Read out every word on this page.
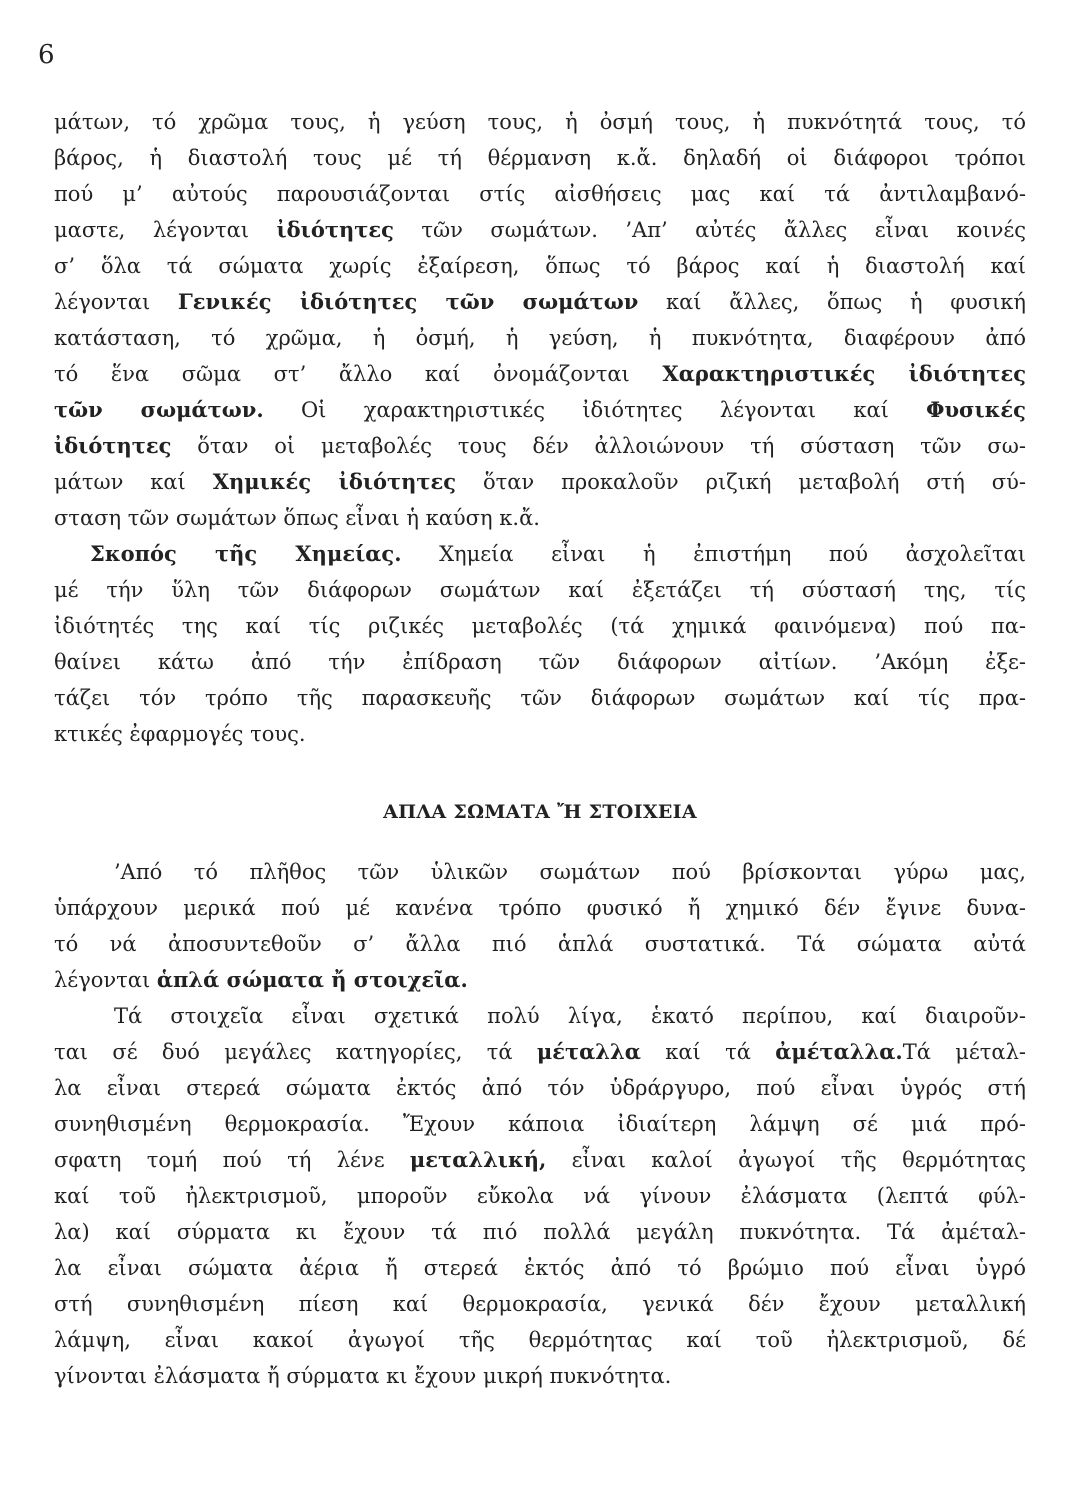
6
μάτων, τό χρῶμα τους, ἡ γεύση τους, ἡ ὀσμή τους, ἡ πυκνότητά τους, τό
βάρος, ἡ διαστολή τους μέ τή θέρμανση κ.ἄ. δηλαδή οἱ διάφοροι τρόποι
πού μ’ αὐτούς παρουσιάζονται στίς αἰσθήσεις μας καί τά ἀντιλαμβανό-
μαστε, λέγονται ἰδιότητες τῶν σωμάτων. ’Απ’ αὐτές ἄλλες εἶναι κοινές
σ’ ὅλα τά σώματα χωρίς ἐξαίρεση, ὅπως τό βάρος καί ἡ διαστολή καί
λέγονται Γενικές ἰδιότητες τῶν σωμάτων καί ἄλλες, ὅπως ἡ φυσική
κατάσταση, τό χρῶμα, ἡ ὀσμή, ἡ γεύση, ἡ πυκνότητα, διαφέρουν ἀπό
τό ἕνα σῶμα στ’ ἄλλο καί ὀνομάζονται Χαρακτηριστικές ἰδιότητες
τῶν σωμάτων. Οἱ χαρακτηριστικές ἰδιότητες λέγονται καί Φυσικές
ἰδιότητες ὅταν οἱ μεταβολές τους δέν ἀλλοιώνουν τή σύσταση τῶν σω-
μάτων καί Χημικές ἰδιότητες ὅταν προκαλοῦν ριζική μεταβολή στή σύ-
σταση τῶν σωμάτων ὅπως εἶναι ἡ καύση κ.ἄ.
Σκοπός τῆς Χημείας. Χημεία εἶναι ἡ ἐπιστήμη πού ἀσχολεῖται
μέ τήν ὕλη τῶν διάφορων σωμάτων καί ἐξετάζει τή σύστασή της, τίς
ἰδιότητές της καί τίς ριζικές μεταβολές (τά χημικά φαινόμενα) πού πα-
θαίνει κάτω ἀπό τήν ἐπίδραση τῶν διάφορων αἰτίων. ’Ακόμη ἐξε-
τάζει τόν τρόπο τῆς παρασκευῆς τῶν διάφορων σωμάτων καί τίς πρα-
κτικές ἐφαρμογές τους.
ΑΠΛΑ ΣΩΜΑΤΑ Ἤ ΣΤΟΙΧΕΙΑ
’Από τό πλῆθος τῶν ὑλικῶν σωμάτων πού βρίσκονται γύρω μας,
ὑπάρχουν μερικά πού μέ κανένα τρόπο φυσικό ἤ χημικό δέν ἔγινε δυνα-
τό νά ἀποσυντεθοῦν σ’ ἄλλα πιό ἁπλά συστατικά. Τά σώματα αὐτά
λέγονται ἁπλά σώματα ἤ στοιχεῖα.
Τά στοιχεῖα εἶναι σχετικά πολύ λίγα, ἑκατό περίπου, καί διαιροῦν-
ται σέ δυό μεγάλες κατηγορίες, τά μέταλλα καί τά ἀμέταλλα.Τά μέταλ-
λα εἶναι στερεά σώματα ἐκτός ἀπό τόν ὑδράργυρο, πού εἶναι ὑγρός στή
συνηθισμένη θερμοκρασία. Ἔχουν κάποια ἰδιαίτερη λάμψη σέ μιά πρό-
σφατη τομή πού τή λένε μεταλλική, εἶναι καλοί ἀγωγοί τῆς θερμότητας
καί τοῦ ἠλεκτρισμοῦ, μποροῦν εὔκολα νά γίνουν ἐλάσματα (λεπτά φύλ-
λα) καί σύρματα κι ἔχουν τά πιό πολλά μεγάλη πυκνότητα. Τά ἀμέταλ-
λα εἶναι σώματα ἀέρια ἤ στερεά ἐκτός ἀπό τό βρώμιο πού εἶναι ὑγρό
στή συνηθισμένη πίεση καί θερμοκρασία, γενικά δέν ἔχουν μεταλλική
λάμψη, εἶναι κακοί ἀγωγοί τῆς θερμότητας καί τοῦ ἠλεκτρισμοῦ, δέ
γίνονται ἐλάσματα ἤ σύρματα κι ἔχουν μικρή πυκνότητα.
